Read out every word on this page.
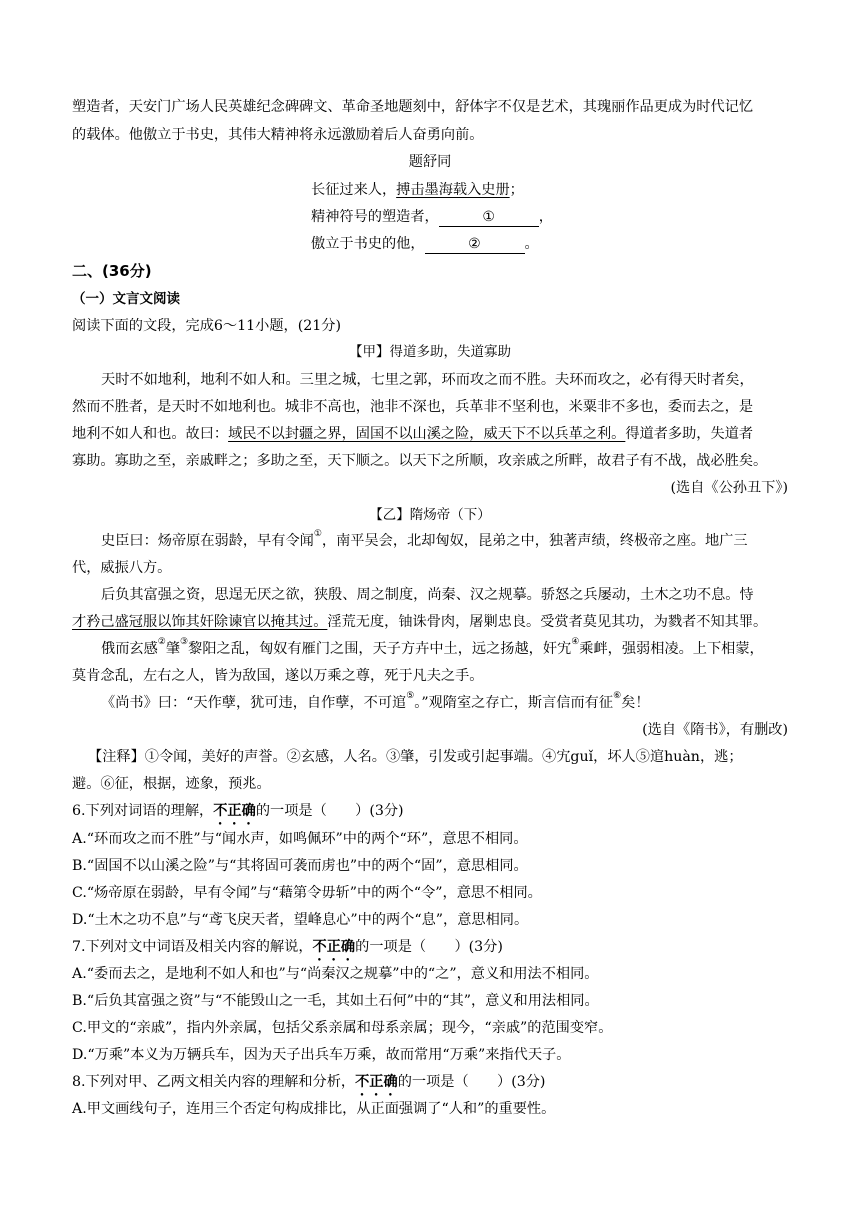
塑造者，天安门广场人民英雄纪念碑碑文、革命圣地题刻中，舒体字不仅是艺术，其瑰丽作品更成为时代记忆
的载体。他傲立于书史，其伟大精神将永远激励着后人奋勇向前。
题舒同
长征过来人，搏击墨海载入史册；
精神符号的塑造者，	①	，
傲立于书史的他，	②	。
二、(36分)
（一）文言文阅读
阅读下面的文段，完成6～11小题，(21分)
【甲】得道多助，失道寡助
天时不如地利，地利不如人和。三里之城，七里之郭，环而攻之而不胜。夫环而攻之，必有得天时者矣，
然而不胜者，是天时不如地利也。城非不高也，池非不深也，兵革非不坚利也，米粟非不多也，委而去之，是
地利不如人和也。故曰：域民不以封疆之界，固国不以山溪之险，威天下不以兵革之利。得道者多助，失道者
寡助。寡助之至，亲戚畔之；多助之至，天下顺之。以天下之所顺，攻亲戚之所畔，故君子有不战，战必胜矣。
(选自《公孙丑下》)
【乙】隋炀帝（下）
史臣曰：炀帝原在弱龄，早有令闻①，南平吴会，北却匈奴，昆弟之中，独著声绩，终极帝之座。地广三
代，威振八方。
后负其富强之资，思逞无厌之欲，狭殷、周之制度，尚秦、汉之规摹。骄怒之兵屡动，土木之功不息。恃
才矜己盛冠服以饰其奸除谏官以掩其过。淫荒无度，铀诛骨肉，屠剿忠良。受赏者莫见其功，为戮者不知其罪。
俄而玄感②肇③黎阳之乱，匈奴有雁门之围，天子方卉中土，远之扬越，奸宄④乘衅，强弱相凌。上下相蒙，
莫肯念乱，左右之人，皆为敌国，遂以万乘之尊，死于凡夫之手。
《尚书》曰：“天作孽，犹可违，自作孽，不可逭⑤。”观隋室之存亡，斯言信而有征⑥矣！
(选自《隋书》，有删改)
【注释】①令闻，美好的声誉。②玄感，人名。③肇，引发或引起事端。④宄guǐ，坏人⑤逭huàn，逃；
避。⑥征，根据，迹象，预兆。
6.下列对词语的理解，不正确的一项是（　　）(3分)
A.“环而攻之而不胜”与“闻水声，如鸣佩环”中的两个“环”，意思不相同。
B.“固国不以山溪之险”与“其将固可袭而虏也”中的两个“固”，意思相同。
C.“炀帝原在弱龄，早有令闻”与“藉第令毋斩”中的两个“令”，意思不相同。
D.“土木之功不息”与“鸢飞戾天者，望峰息心”中的两个“息”，意思相同。
7.下列对文中词语及相关内容的解说，不正确的一项是（　　）(3分)
A.“委而去之，是地利不如人和也”与“尚秦汉之规摹”中的“之”，意义和用法不相同。
B.“后负其富强之资”与“不能毁山之一毛，其如土石何”中的“其”，意义和用法相同。
C.甲文的“亲戚”，指内外亲属，包括父系亲属和母系亲属；现今，“亲戚”的范围变窄。
D.“万乘”本义为万辆兵车，因为天子出兵车万乘，故而常用“万乘”来指代天子。
8.下列对甲、乙两文相关内容的理解和分析，不正确的一项是（　　）(3分)
A.甲文画线句子，连用三个否定句构成排比，从正面强调了“人和”的重要性。
